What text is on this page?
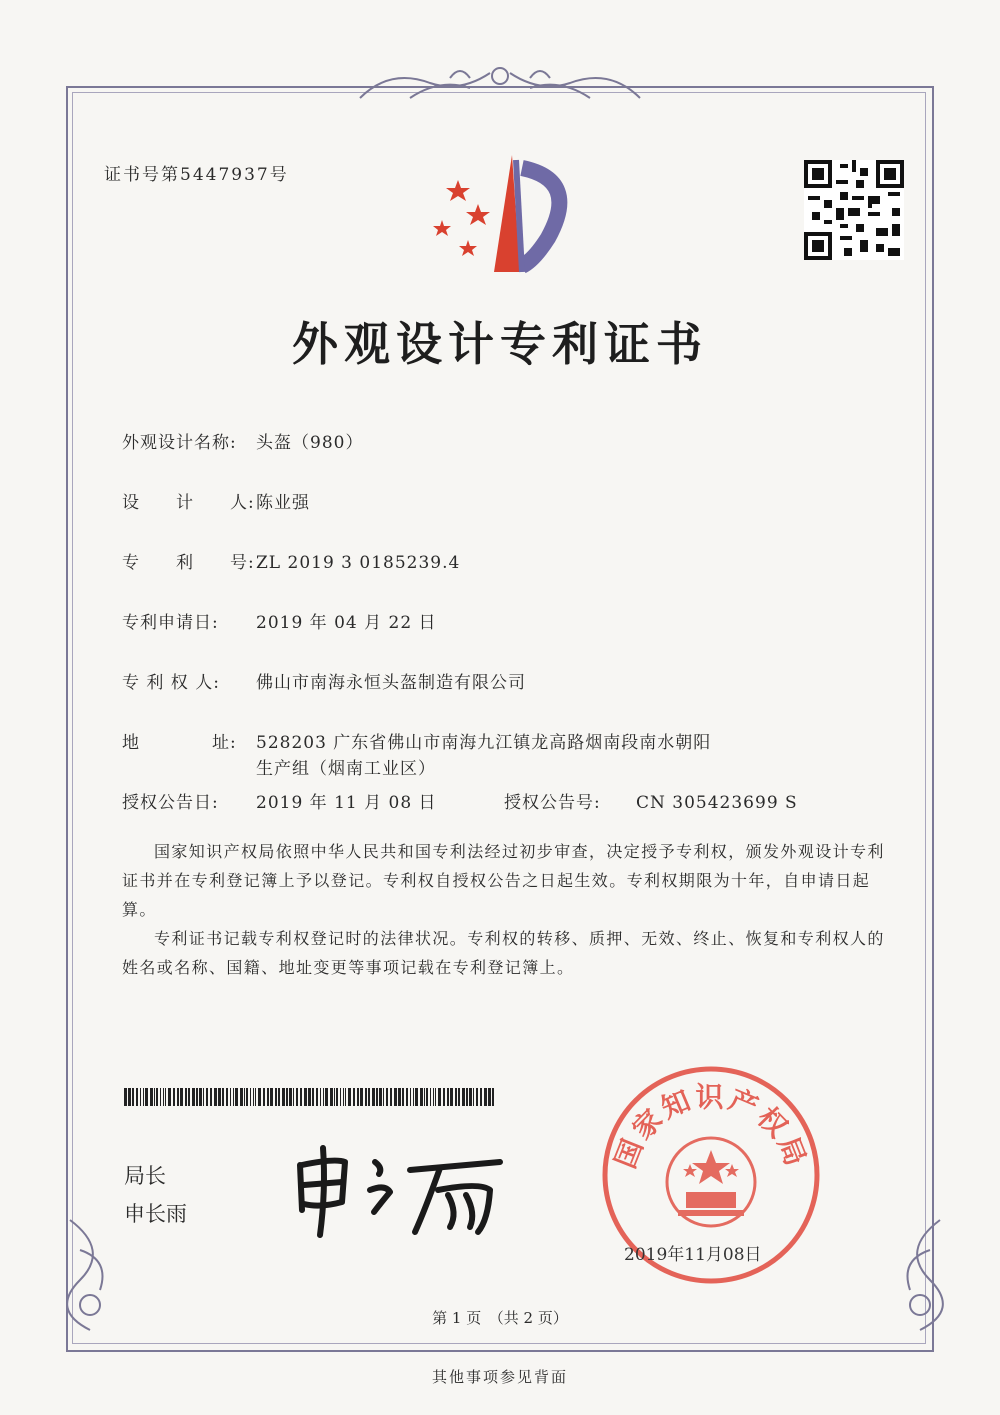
证书号第5447937号
外观设计专利证书
外观设计名称: 头盔（980）
设　　计　　人:陈业强
专　　利　　号:ZL 2019 3 0185239.4
专利申请日: 2019 年 04 月 22 日
专 利 权 人: 佛山市南海永恒头盔制造有限公司
地　　　　址: 528203 广东省佛山市南海九江镇龙高路烟南段南水朝阳
生产组（烟南工业区）
授权公告日: 2019 年 11 月 08 日	授权公告号: CN 305423699 S
国家知识产权局依照中华人民共和国专利法经过初步审查，决定授予专利权，颁发外观设计专利证书并在专利登记簿上予以登记。专利权自授权公告之日起生效。专利权期限为十年，自申请日起算。
专利证书记载专利权登记时的法律状况。专利权的转移、质押、无效、终止、恢复和专利权人的姓名或名称、国籍、地址变更等事项记载在专利登记簿上。
局长
申长雨
国家知识产权局
2019年11月08日
第 1 页　（共 2 页）
其他事项参见背面
